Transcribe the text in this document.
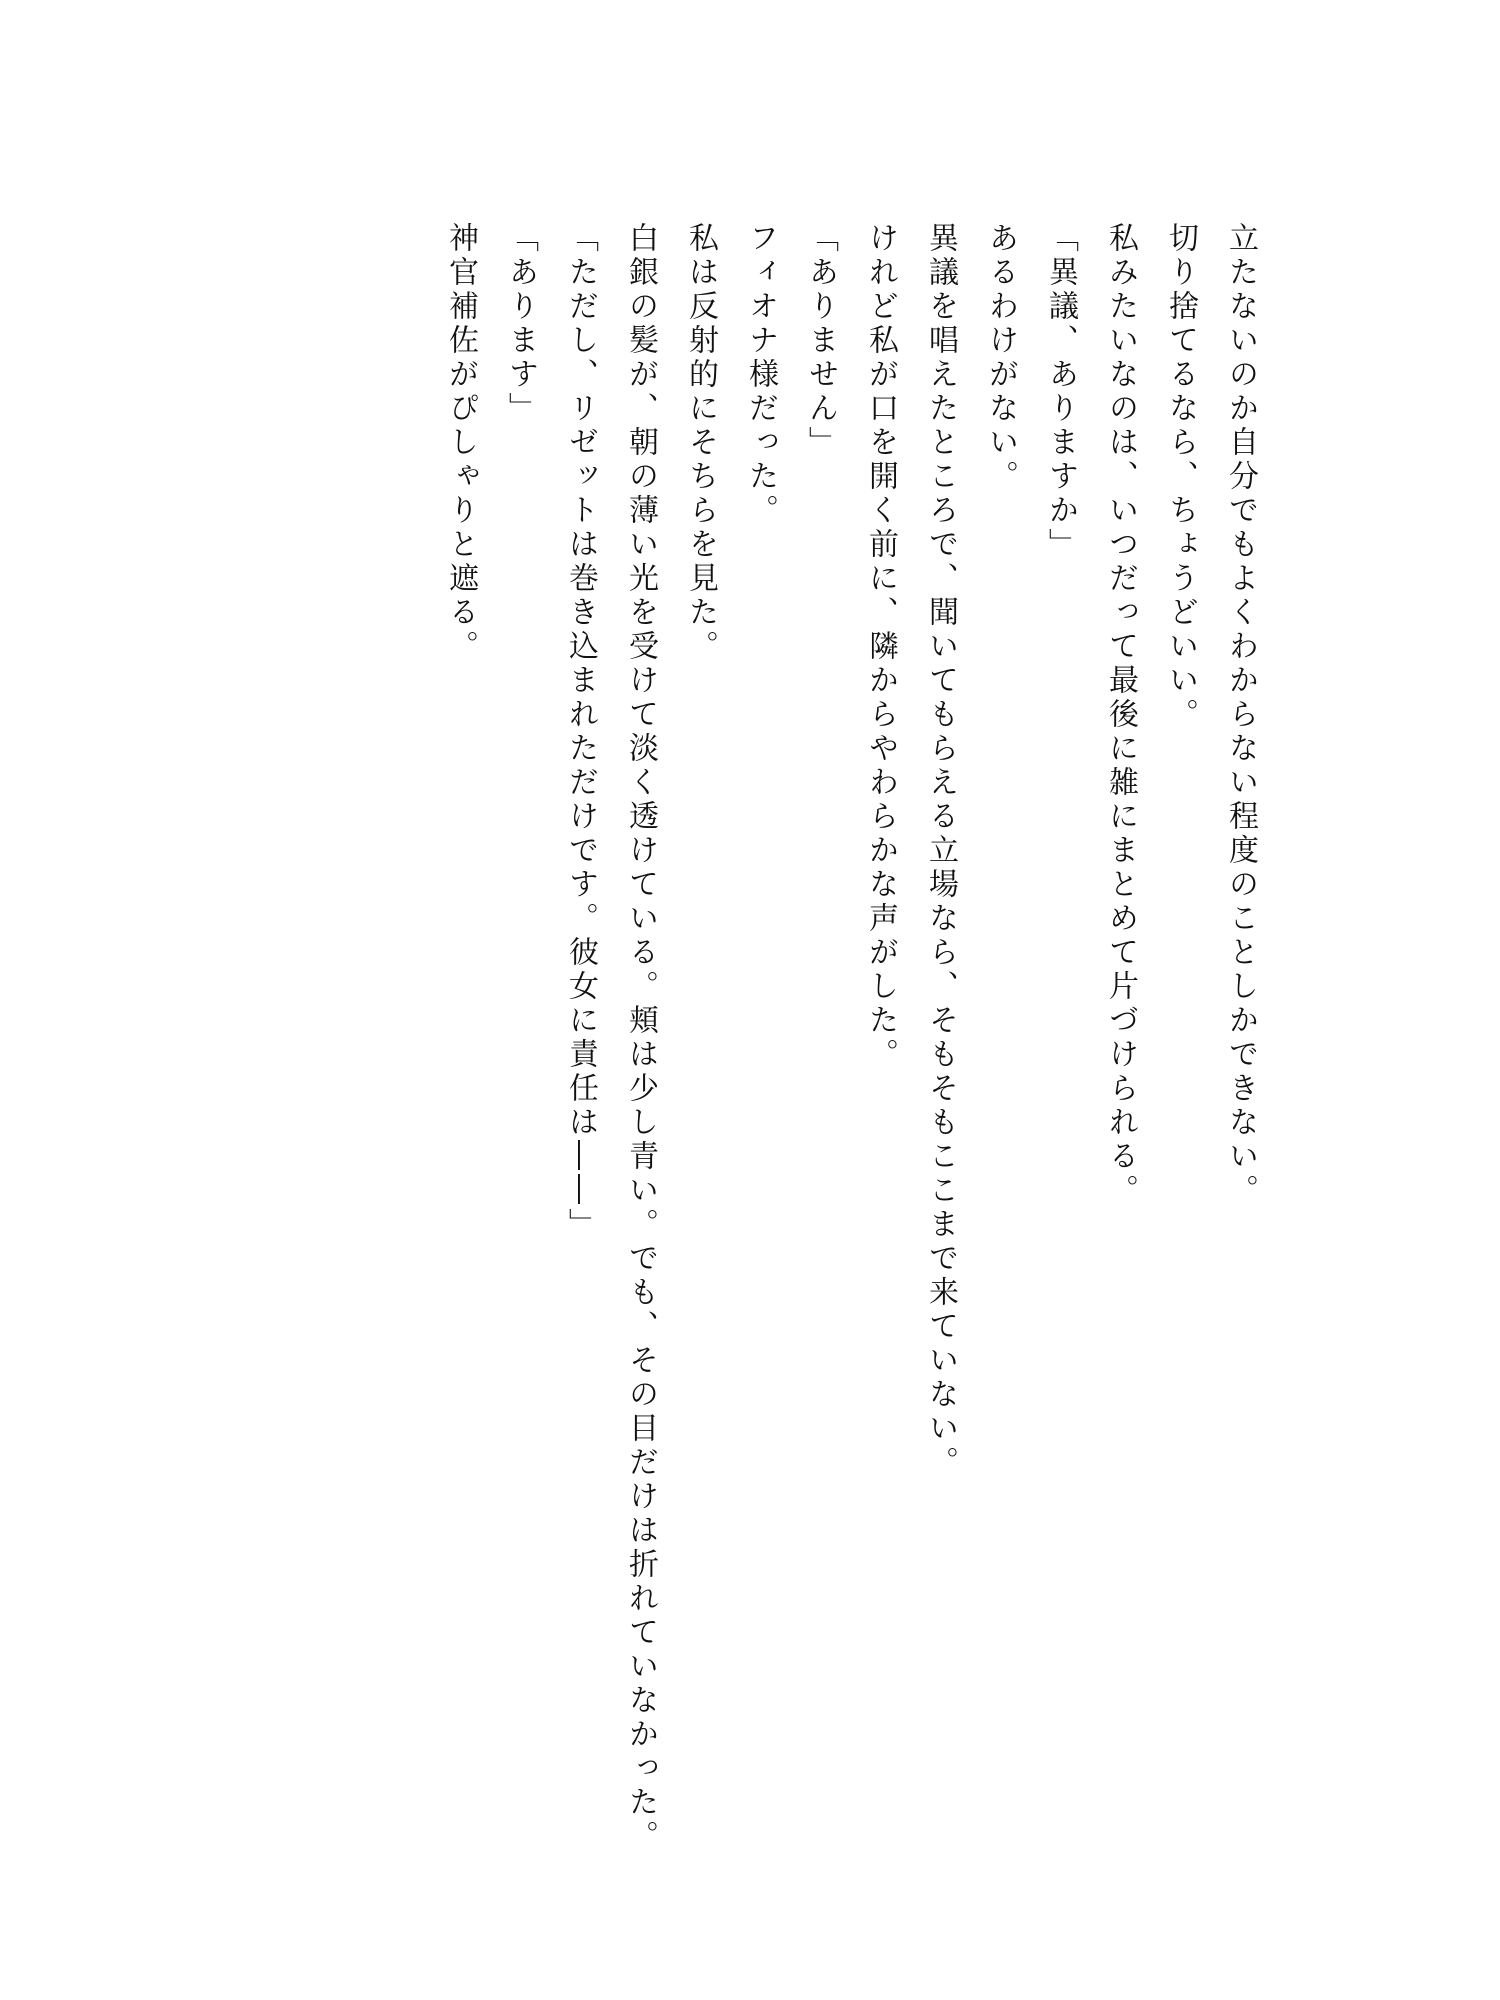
立たないのか自分でもよくわからない程度のことしかできない。

切り捨てるなら、ちょうどいい。

私みたいなのは、いつだって最後に雑にまとめて片づけられる。

「異議、ありますか」

あるわけがない。

異議を唱えたところで、聞いてもらえる立場なら、そもそもここまで来ていない。

けれど私が口を開く前に、隣からやわらかな声がした。

「ありません」

フィオナ様だった。

私は反射的にそちらを見た。

白銀の髪が、朝の薄い光を受けて淡く透けている。頬は少し青い。でも、その目だけは折れていなかった。

「ただし、リゼットは巻き込まれただけです。彼女に責任は――」

「あります」

神官補佐がぴしゃりと遮る。
